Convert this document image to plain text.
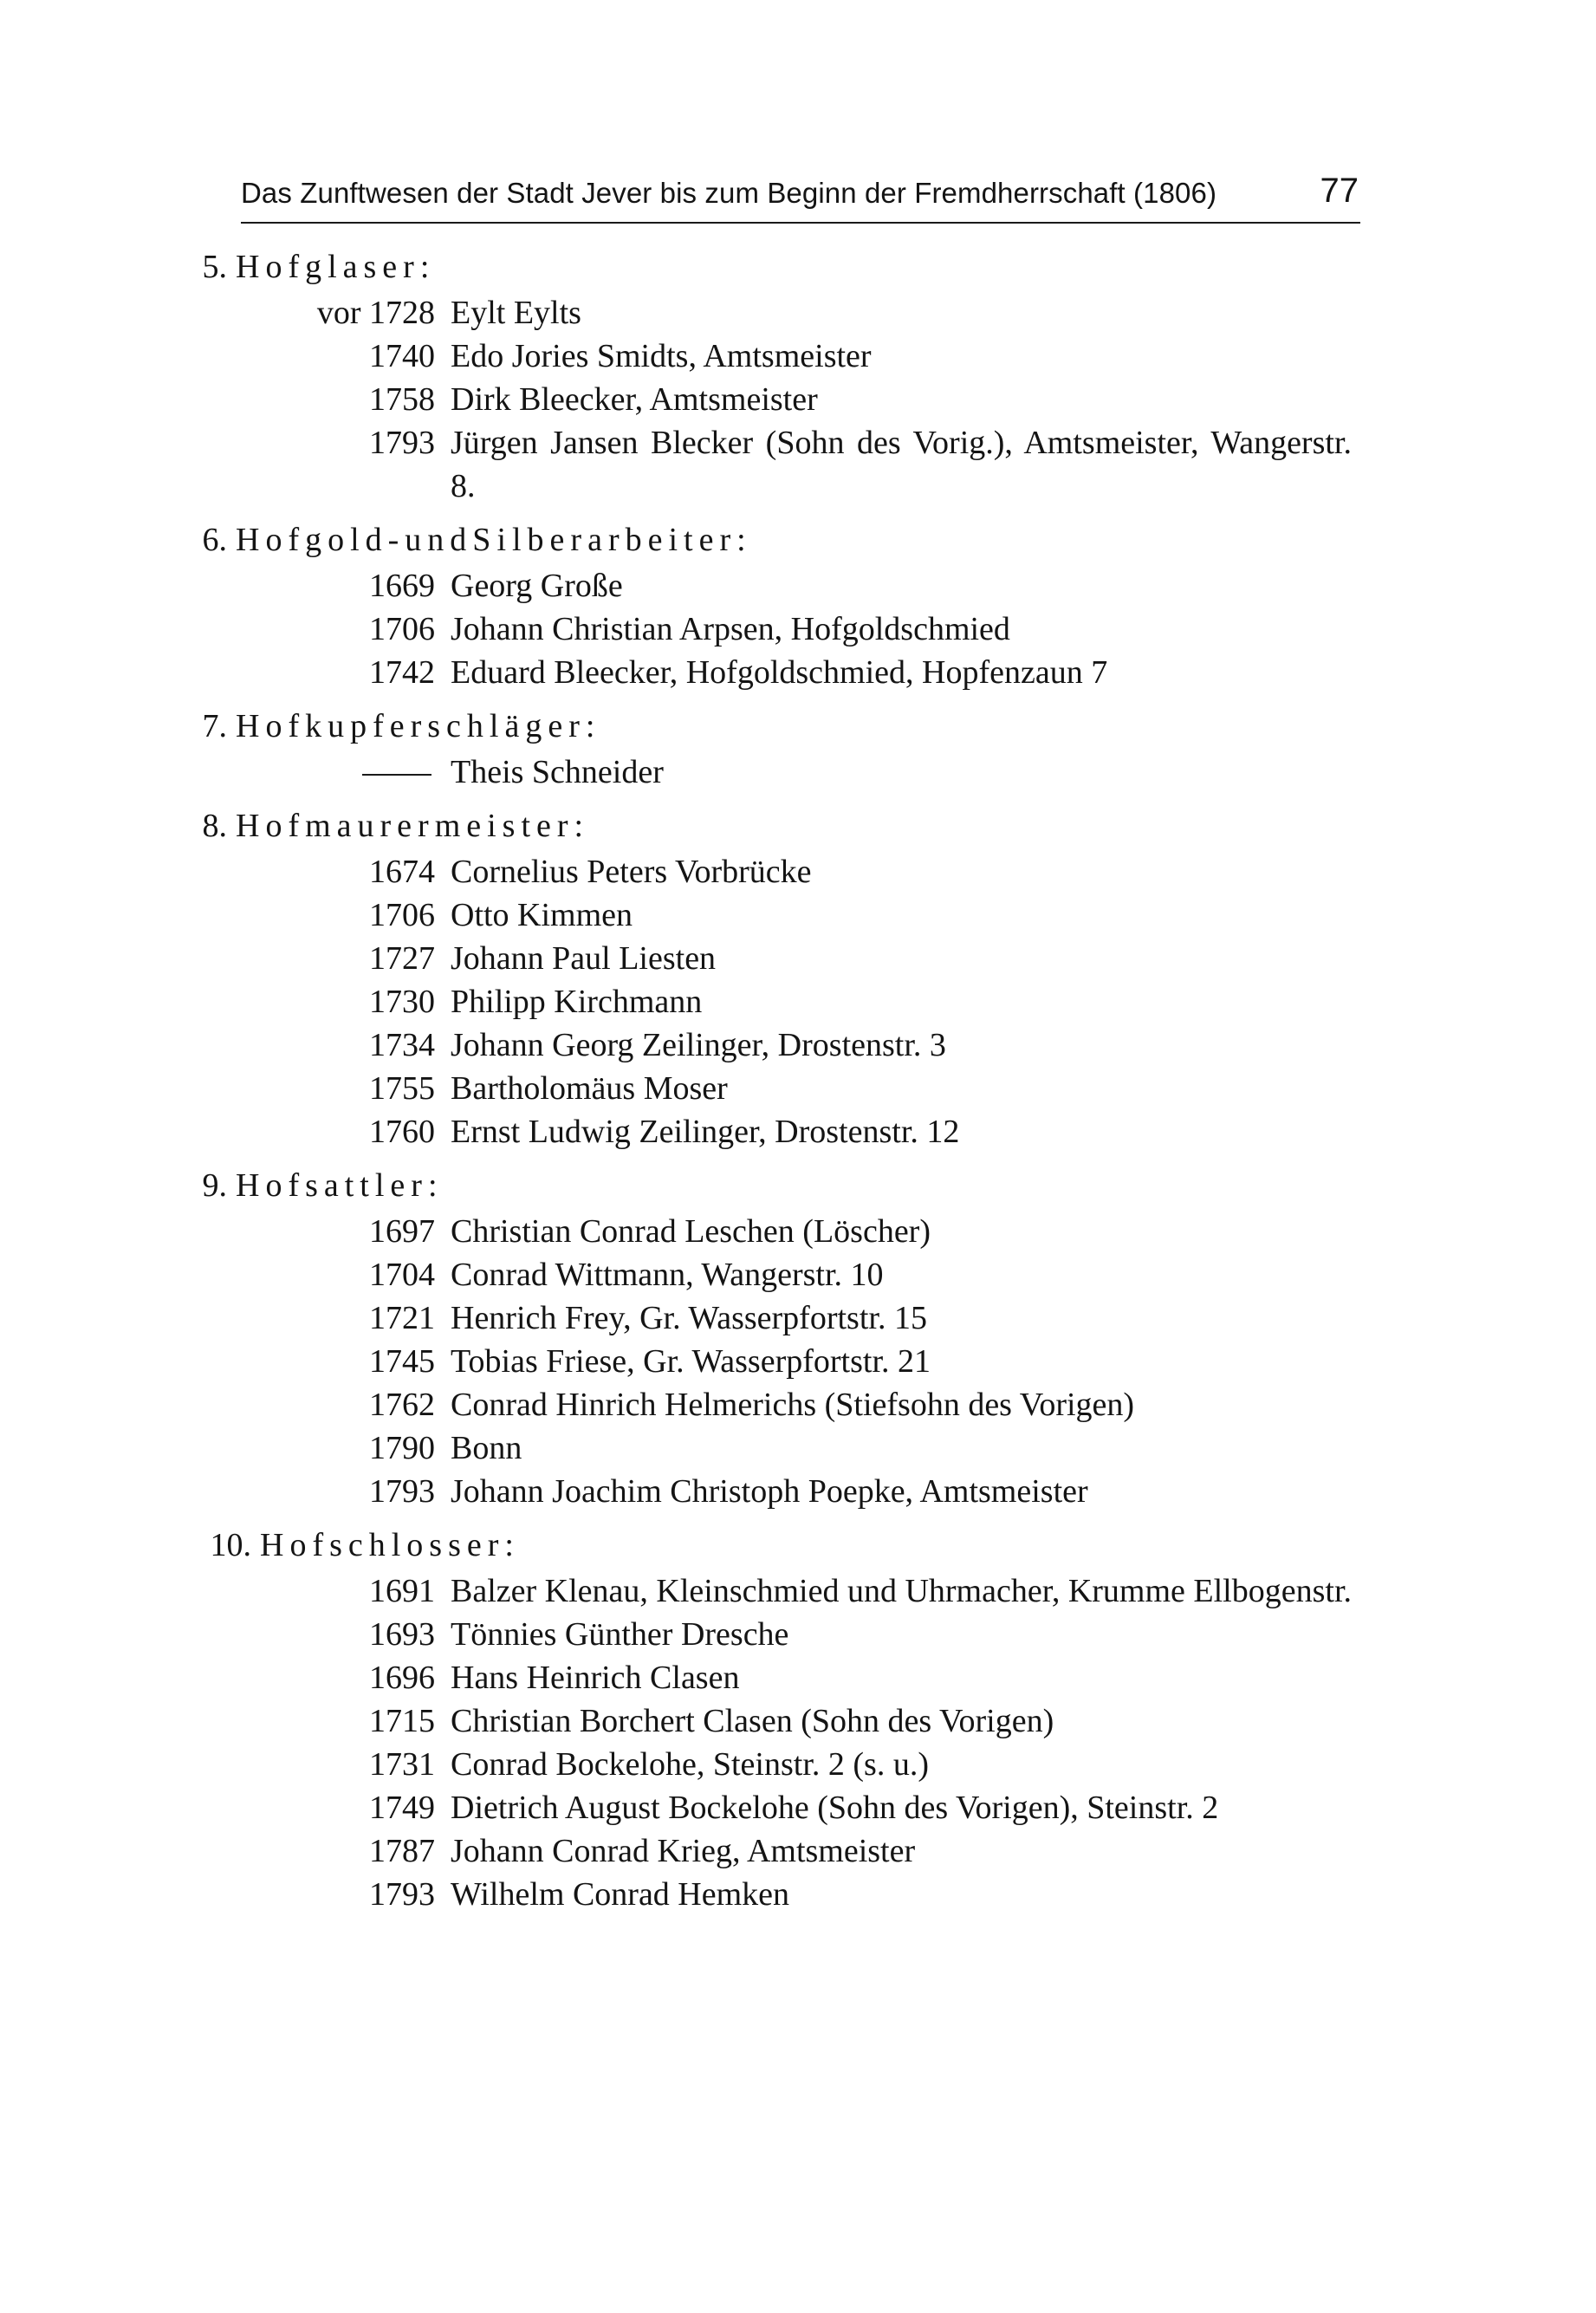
Das Zunftwesen der Stadt Jever bis zum Beginn der Fremdherrschaft (1806)	77
5. Hofglaser:
vor 1728 Eylt Eylts
1740 Edo Jories Smidts, Amtsmeister
1758 Dirk Bleecker, Amtsmeister
1793 Jürgen Jansen Blecker (Sohn des Vorig.), Amtsmeister, Wangerstr. 8.
6. Hofgold-undSilberarbeiter:
1669 Georg Große
1706 Johann Christian Arpsen, Hofgoldschmied
1742 Eduard Bleecker, Hofgoldschmied, Hopfenzaun 7
7. Hofkupferschläger:
Theis Schneider
8. Hofmaurermeister:
1674 Cornelius Peters Vorbrücke
1706 Otto Kimmen
1727 Johann Paul Liesten
1730 Philipp Kirchmann
1734 Johann Georg Zeilinger, Drostenstr. 3
1755 Bartholomäus Moser
1760 Ernst Ludwig Zeilinger, Drostenstr. 12
9. Hofsattler:
1697 Christian Conrad Leschen (Löscher)
1704 Conrad Wittmann, Wangerstr. 10
1721 Henrich Frey, Gr. Wasserpfortstr. 15
1745 Tobias Friese, Gr. Wasserpfortstr. 21
1762 Conrad Hinrich Helmerichs (Stiefsohn des Vorigen)
1790 Bonn
1793 Johann Joachim Christoph Poepke, Amtsmeister
10. Hofschlosser:
1691 Balzer Klenau, Kleinschmied und Uhrmacher, Krumme Ellbogenstr.
1693 Tönnies Günther Dresche
1696 Hans Heinrich Clasen
1715 Christian Borchert Clasen (Sohn des Vorigen)
1731 Conrad Bockelohe, Steinstr. 2 (s. u.)
1749 Dietrich August Bockelohe (Sohn des Vorigen), Steinstr. 2
1787 Johann Conrad Krieg, Amtsmeister
1793 Wilhelm Conrad Hemken
